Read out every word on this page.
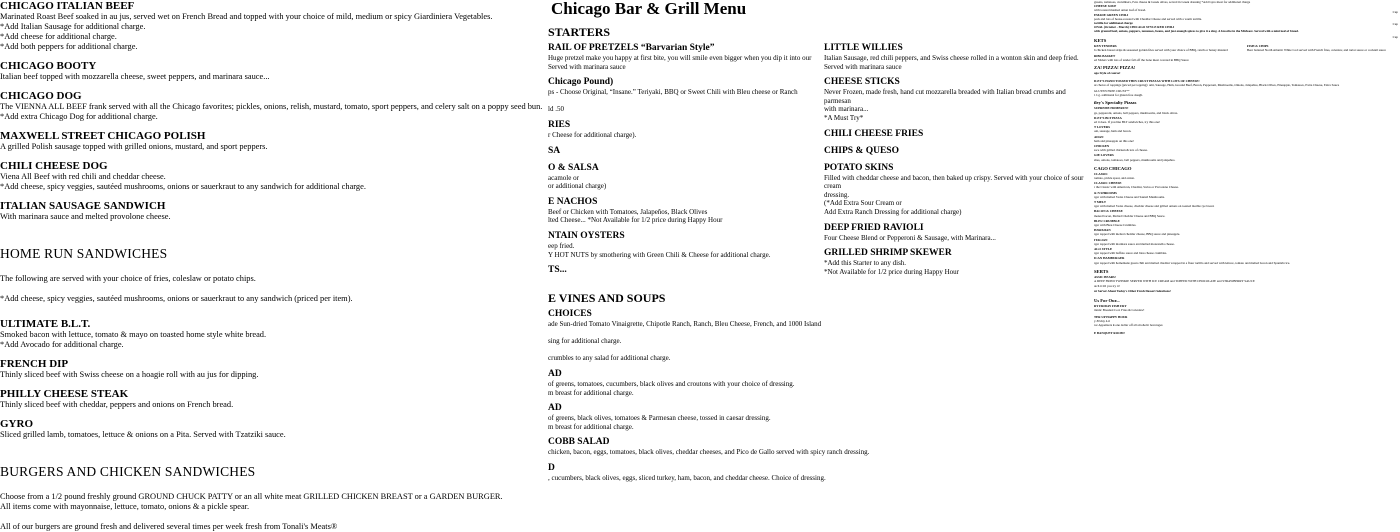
CHICAGO ITALIAN BEEF

Marinated Roast Beef soaked in au jus, served wet on French Bread and topped with your choice of mild, medium or spicy Giardiniera Vegetables.
*Add Italian Sausage for additional charge.
*Add cheese for additional charge.
*Add both peppers for additional charge.

CHICAGO BOOTY

Italian beef topped with mozzarella cheese, sweet peppers, and marinara sauce...

CHICAGO DOG

The VIENNA ALL BEEF frank served with all the Chicago favorites; pickles, onions, relish, mustard, tomato, sport peppers, and celery salt on a poppy seed bun.
*Add extra Chicago Dog for additional charge.

MAXWELL STREET CHICAGO POLISH

A grilled Polish sausage topped with grilled onions, mustard, and sport peppers.

CHILI CHEESE DOG

Viena All Beef with red chili and cheddar cheese.
*Add cheese, spicy veggies, sautéed mushrooms, onions or sauerkraut to any sandwich for additional charge.

ITALIAN SAUSAGE SANDWICH

With marinara sauce and melted provolone cheese.

HOME RUN SANDWICHES

The following are served with your choice of fries, coleslaw or potato chips.

*Add cheese, spicy veggies, sautéed mushrooms, onions or sauerkraut to any sandwich (priced per item).

ULTIMATE B.L.T.

Smoked bacon with lettuce, tomato & mayo on toasted home style white bread.
*Add Avocado for additional charge.

FRENCH DIP

Thinly sliced beef with Swiss cheese on a hoagie roll with au jus for dipping.

PHILLY CHEESE STEAK

Thinly sliced beef with cheddar, peppers and onions on French bread.

GYRO

Sliced grilled lamb, tomatoes, lettuce & onions on a Pita. Served with Tzatziki sauce.

BURGERS AND CHICKEN SANDWICHES

Choose from a 1/2 pound freshly ground GROUND CHUCK PATTY or an all white meat GRILLED CHICKEN BREAST or a GARDEN BURGER.
All items come with mayonnaise, lettuce, tomato, onions & a pickle spear.

All of our burgers are ground fresh and delivered several times per week fresh from Tonali's Meats®

Chicago Bar & Grill Menu
STARTERS

RAIL OF PRETZELS “Barvarian Style”

Huge pretzel make you happy at first bite, you will smile even bigger when you dip it into our
Served with marinara sauce

Chicago Pound)

ps - Choose Original, “Insane.” Teriyaki, BBQ or Sweet Chili with Bleu cheese or Ranch

ld .50

RIES

r Cheese for additional charge).

SA

O & SALSA

acamole or
or additional charge)

E NACHOS

Beef or Chicken with Tomatoes, Jalapeños, Black Olives
lted Cheese... *Not Available for 1/2 price during Happy Hour

NTAIN OYSTERS

eep fried.
Y HOT NUTS by smothering with Green Chili & Cheese for additional charge.

TS...

LITTLE WILLIES

Italian Sausage, red chili peppers, and Swiss cheese rolled in a wonton skin and deep fried.
Served with marinara sauce

CHEESE STICKS

Never Frozen, made fresh, hand cut mozzarella breaded with Italian bread crumbs and parmesan
with marinara...
*A Must Try*

CHILI CHEESE FRIES

CHIPS & QUESO

POTATO SKINS

Filled with cheddar cheese and bacon, then baked up crispy. Served with your choice of sour cream
dressing.
(*Add Extra Sour Cream or
Add Extra Ranch Dressing for additional charge)

DEEP FRIED RAVIOLI

Four Cheese Blend or Pepperoni & Sausage, with Marinara...

GRILLED SHRIMP SKEWER

*Add this Starter to any dish.
*Not Available for 1/2 price during Happy Hour

E VINES AND SOUPS

CHOICES

ade Sun-dried Tomato Vinaigrette, Chipotle Ranch, Ranch, Bleu Cheese, French, and 1000 Island

sing for additional charge.

crumbles to any salad for additional charge.

AD

of greens, tomatoes, cucumbers, black olives and croutons with your choice of dressing.
m breast for additional charge.

AD

of greens, black olives, tomatoes & Parmesan cheese, tossed in caesar dressing.
m breast for additional charge.

COBB SALAD

chicken, bacon, eggs, tomatoes, black olives, cheddar cheeses, and Pico de Gallo served with spicy ranch dressing.

D

, cucumbers, black olives, eggs, sliced turkey, ham, bacon, and cheddar cheese. Choice of dressing.

greens, tomatoes, cucumbers, Feta cheese & Greek olives, served in Greek dressing *Add Gyro meat for additional charge
CHEESE SOUP
with toasted mashed onion loaf of bread.
EMADE GREEN CHILI
pork and lots of house-roasted with Cheddar Cheese and served with a warm tortilla.
tortilla for additional charge
ONAL (October - March) CHICAGO STYLE RED CHILI
with ground beef, onions, peppers, tomatoes, beans, and just enough spices to give it a zing. A favorite in the Midwest. Served with a mini loaf of bread.
Cup
Cup
Cup
KETS
KEN TENDERS
6 chicken breast strips & seasoned golden fries served with your choice of BBQ, ranch or honey mustard
FISH & CHIPS
Beer battered North Atlantic White Cod served with French fries, coleslaw, and tartar sauce or cocktail sauce
RIBS BASKET
ed Sliders with lots of tender fall off the bone meat covered in BBQ Sauce
ZA! PIZZA! PIZZA!
ago Style of course!
ILEY'S HAND TOSSED THIN CRUST PIZZAS WITH LOTS OF CHEESE!
ur choice of toppings (priced per topping): ami, Sausage, Ham, Ground Beef, Bacon, Pepperoni, Mushrooms, Onions, Jalapeños, Black Olives, Pineapple, Tomatoes, Extra Cheese, Extra Sauce
GLUTEN FREE CRUST**
1 Lg. additional for gluten free dough.
iley's Specialty Pizzas
SUPREME HOMERUN!
ge, pepperoni, onions, bell peppers, mushrooms, and black olives.
ILEY'S BLT PIZZA
ed it does. If you like BLT sandwiches, try this one!
T LOVERS
oni, sausage, ham and bacon.
AIIAN
ham and pineapple on this one!
CHICKEN
ssce with grilled chicken & lots of cheese.
GIE LOVERS
shes, onions, tomatoes, bell peppers, mushrooms and jalapeños.
CAGO CHICAGO
CLASSIC
tomato, pickle spear, and onion.
CLASSIC CHEESE
r the Classic with American, Cheddar, Swiss or Provolone Cheese.
& N SHROOMS
rger with melted Swiss Cheese and Sautéd Mushrooms.
T MELT
rger with melted Swiss cheese, cheddar cheese and grilled onions on toasted marble rye bread.
BACON & CHEESE
moked bacon, Melted Cheddar Cheese and BBQ Sauce.
BLEU CRUMBLE
rger with Bleu Cheese Crumbles.
HAWAIIAN
rger topped with melted cheddar cheese, BBQ sauce and pineapple.
ITALIAN
rger topped with marinara sauce and melted mozzarella cheese.
ALO STYLE
rger topped with buffalo sauce and bleu cheese crumbles.
ICAN HAMBURGER
rger topped with homemade green chili and melted cheddar wrapped in a flour tortilla and served with lettuce, tomato and melted bacon and Spanish rice.
SERTS
ASSIC BEARS!
A DEEP FRIED TWINKIE SERVED WITH ICE CREAM and TOPPED WITH CHOCOLATE and STRAWBERRY SAUCE
atch it till you try it!
ur Server About Today's Other Fresh Dessert Selections!
Us For Our...
RY FRIDAY FISH FRY
tlantic Breaded Cod. Fries & Coleslaw!
TER UP HAPPY HOUR
y-Friday 4-6
ror Appetizers ♦ one dollar off all alcoholic beverages
E BANQUET ROOM!
